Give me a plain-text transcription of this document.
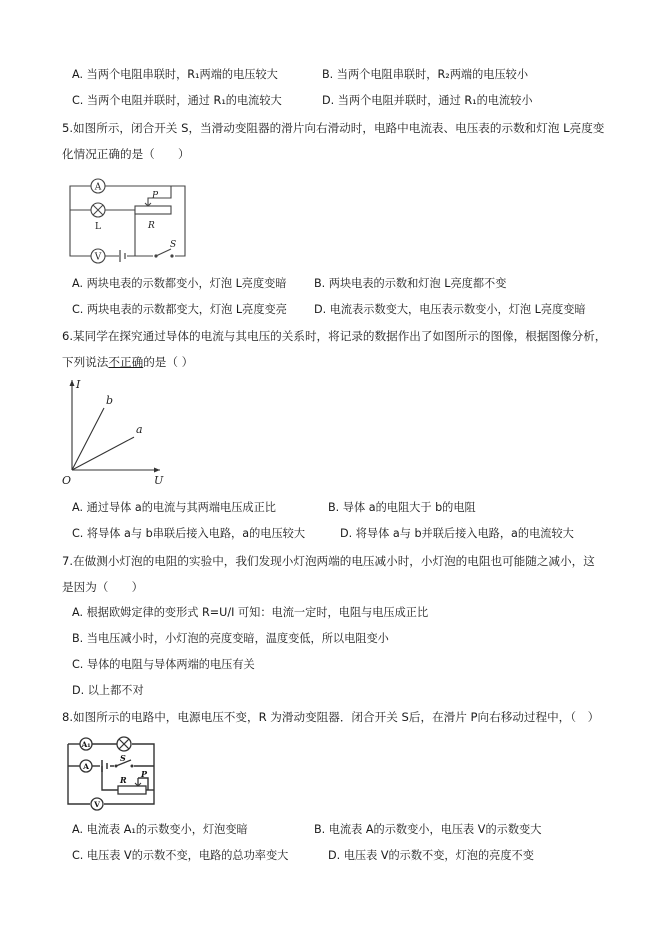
A. 当两个电阻串联时，R₁两端的电压较大	B. 当两个电阻串联时，R₂两端的电压较小
C. 当两个电阻并联时，通过 R₁的电流较大	D. 当两个电阻并联时，通过 R₁的电流较小
5.如图所示，闭合开关 S，当滑动变阻器的滑片向右滑动时，电路中电流表、电压表的示数和灯泡 L亮度变
化情况正确的是（　　）
A
L
P
R
V
S
A. 两块电表的示数都变小，灯泡 L亮度变暗 B. 两块电表的示数和灯泡 L亮度都不变
C. 两块电表的示数都变大，灯泡 L亮度变亮 D. 电流表示数变大，电压表示数变小，灯泡 L亮度变暗
6.某同学在探究通过导体的电流与其电压的关系时，将记录的数据作出了如图所示的图像，根据图像分析，
下列说法不正确的是（ ）
U
I
O
b
a
A. 通过导体 a的电流与其两端电压成正比	B. 导体 a的电阻大于 b的电阻
C. 将导体 a与 b串联后接入电路，a的电压较大	D. 将导体 a与 b并联后接入电路，a的电流较大
7.在做测小灯泡的电阻的实验中，我们发现小灯泡两端的电压减小时，小灯泡的电阻也可能随之减小，这
是因为（　　）
A. 根据欧姆定律的变形式 R=U/I 可知：电流一定时，电阻与电压成正比
B. 当电压减小时，小灯泡的亮度变暗，温度变低，所以电阻变小
C. 导体的电阻与导体两端的电压有关
D. 以上都不对
8.如图所示的电路中，电源电压不变，R 为滑动变阻器．闭合开关 S后，在滑片 P向右移动过程中，（　）
A₁
A
S
R
P
V
A. 电流表 A₁的示数变小，灯泡变暗	B. 电流表 A的示数变小，电压表 V的示数变大
C. 电压表 V的示数不变，电路的总功率变大	D. 电压表 V的示数不变，灯泡的亮度不变
